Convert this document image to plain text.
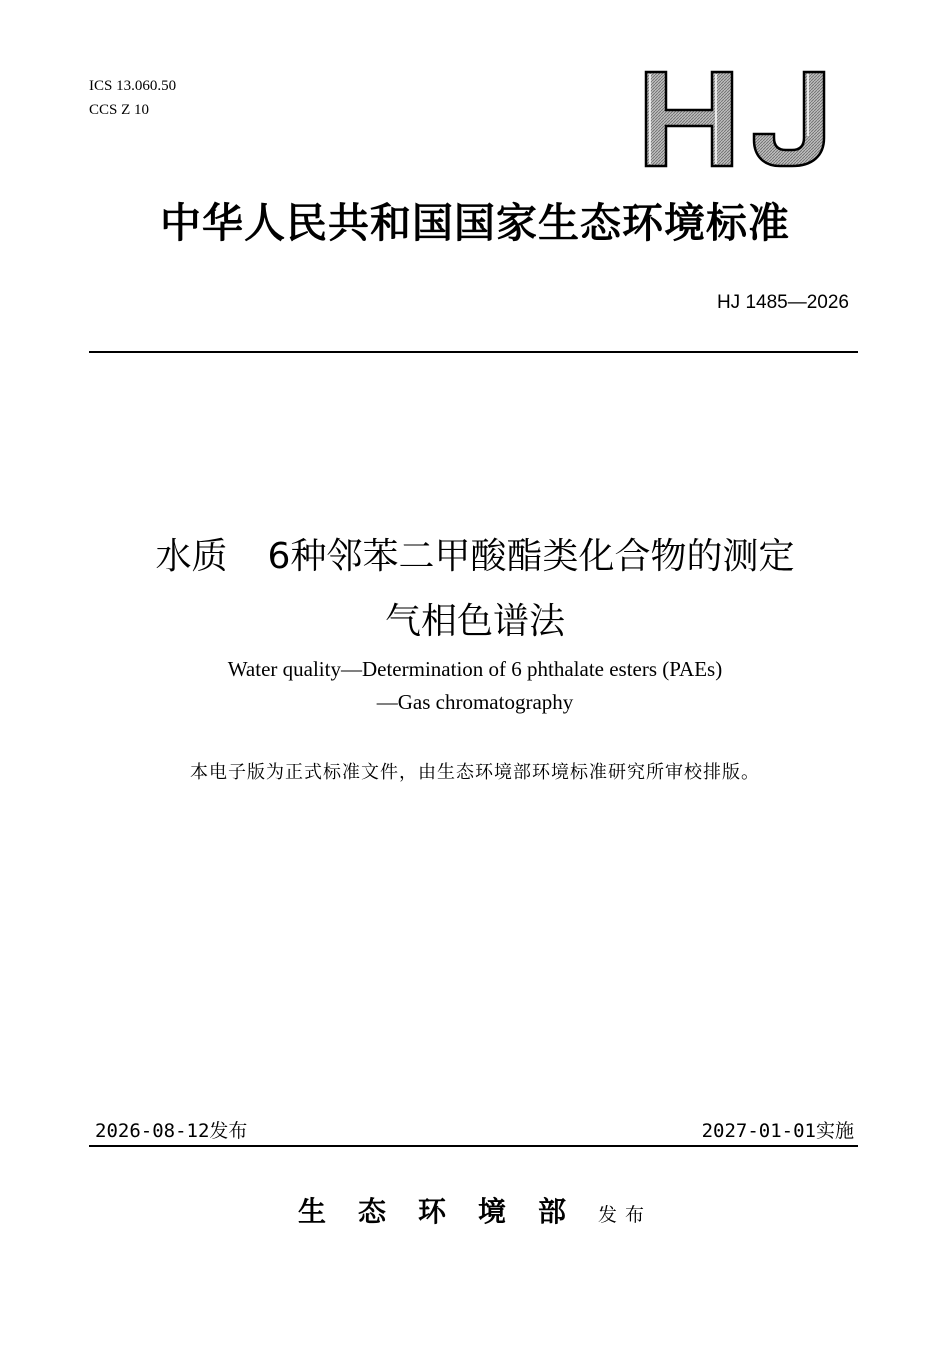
ICS 13.060.50
CCS Z 10
中华人民共和国国家生态环境标准
HJ 1485—2026
水质 6种邻苯二甲酸酯类化合物的测定
气相色谱法
Water quality—Determination of 6 phthalate esters (PAEs)
—Gas chromatography
本电子版为正式标准文件，由生态环境部环境标准研究所审校排版。
2026-08-12发布	2027-01-01实施
生态环境部发布
